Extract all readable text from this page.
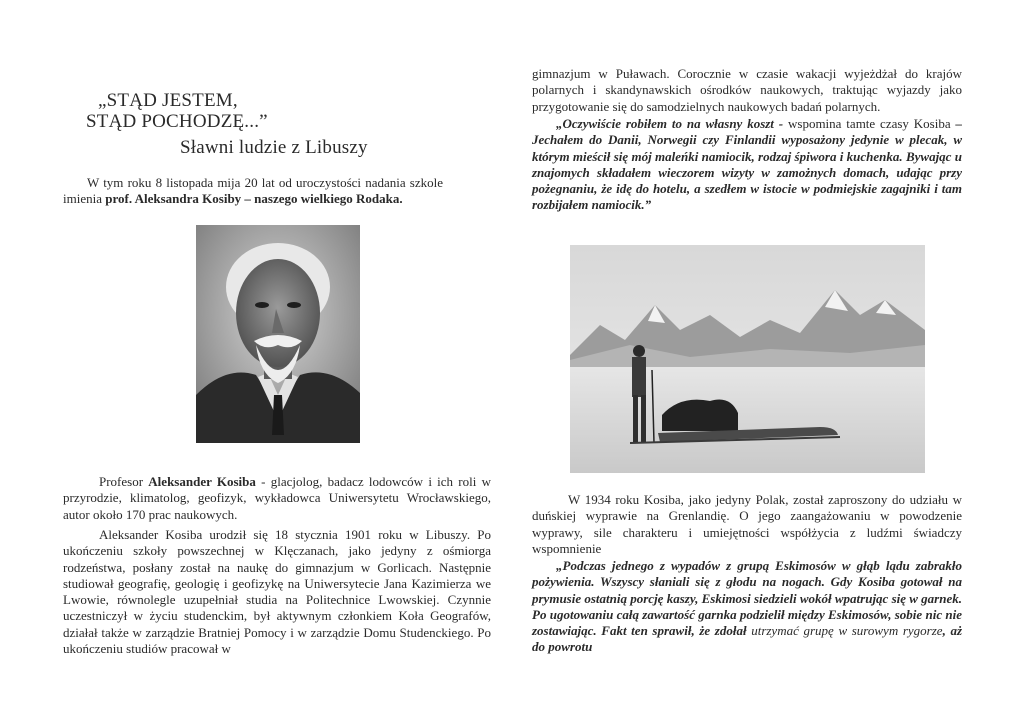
„STĄD JESTEM,
STĄD POCHODZĘ...”
Sławni ludzie z Libuszy

W tym roku 8 listopada mija 20 lat od uroczystości nadania szkole imienia prof. Aleksandra Kosiby – naszego wielkiego Rodaka.

Profesor Aleksander Kosiba - glacjolog, badacz lodowców i ich roli w przyrodzie, klimatolog, geofizyk, wykładowca Uniwersytetu Wrocławskiego, autor około 170 prac naukowych.

Aleksander Kosiba urodził się 18 stycznia 1901 roku w Libuszy. Po ukończeniu szkoły powszechnej w Klęczanach, jako jedyny z ośmiorga rodzeństwa, posłany został na naukę do gimnazjum w Gorlicach. Następnie studiował geografię, geologię i geofizykę na Uniwersytecie Jana Kazimierza we Lwowie, równolegle uzupełniał studia na Politechnice Lwowskiej. Czynnie uczestniczył w życiu studenckim, był aktywnym członkiem Koła Geografów, działał także w zarządzie Bratniej Pomocy i w zarządzie Domu Studenckiego. Po ukończeniu studiów pracował w

gimnazjum w Puławach. Corocznie w czasie wakacji wyjeżdżał do krajów polarnych i skandynawskich ośrodków naukowych, traktując wyjazdy jako przygotowanie się do samodzielnych naukowych badań polarnych.

„Oczywiście robiłem to na własny koszt - wspomina tamte czasy Kosiba – Jechałem do Danii, Norwegii czy Finlandii wyposażony jedynie w plecak, w którym mieścił się mój maleńki namiocik, rodzaj śpiwora i kuchenka. Bywając u znajomych składałem wieczorem wizyty w zamożnych domach, udając przy pożegnaniu, że idę do hotelu, a szedłem w istocie w podmiejskie zagajniki i tam rozbijałem namiocik.”

W 1934 roku Kosiba, jako jedyny Polak, został zaproszony do udziału w duńskiej wyprawie na Grenlandię. O jego zaangażowaniu w powodzenie wyprawy, sile charakteru i umiejętności współżycia z ludźmi świadczy wspomnienie

„Podczas jednego z wypadów z grupą Eskimosów w głąb lądu zabrakło pożywienia. Wszyscy słaniali się z głodu na nogach. Gdy Kosiba gotował na prymusie ostatnią porcję kaszy, Eskimosi siedzieli wokół wpatrując się w garnek. Po ugotowaniu całą zawartość garnka podzielił między Eskimosów, sobie nic nie zostawiając. Fakt ten sprawił, że zdołał utrzymać grupę w surowym rygorze, aż do powrotu
